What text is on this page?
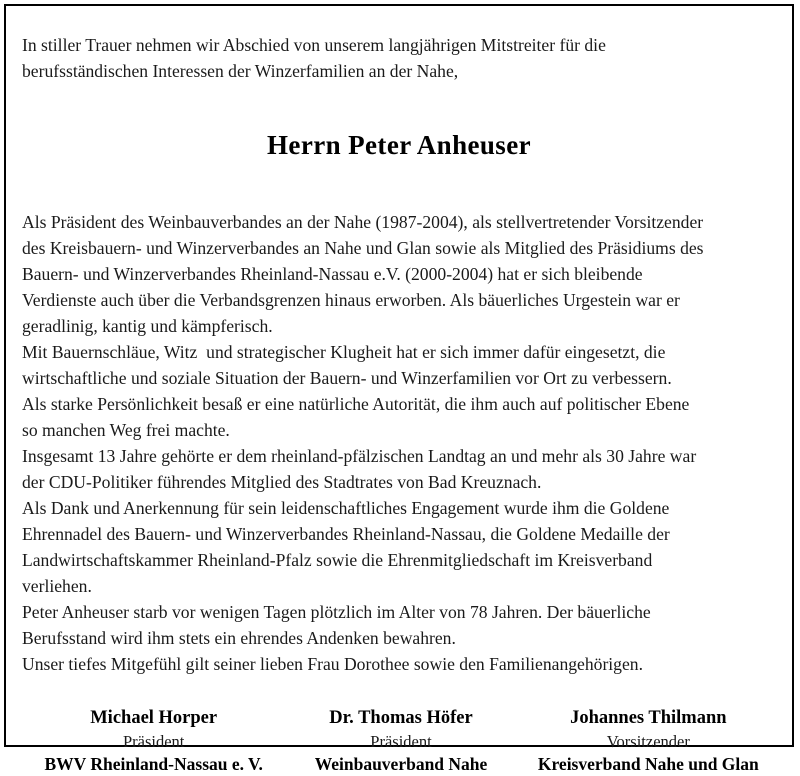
In stiller Trauer nehmen wir Abschied von unserem langjährigen Mitstreiter für die
berufsständischen Interessen der Winzerfamilien an der Nahe,
Herrn Peter Anheuser
Als Präsident des Weinbauverbandes an der Nahe (1987-2004), als stellvertretender Vorsitzender
des Kreisbauern- und Winzerverbandes an Nahe und Glan sowie als Mitglied des Präsidiums des
Bauern- und Winzerverbandes Rheinland-Nassau e.V. (2000-2004) hat er sich bleibende
Verdienste auch über die Verbandsgrenzen hinaus erworben. Als bäuerliches Urgestein war er
geradlinig, kantig und kämpferisch.
Mit Bauernschläue, Witz  und strategischer Klugheit hat er sich immer dafür eingesetzt, die
wirtschaftliche und soziale Situation der Bauern- und Winzerfamilien vor Ort zu verbessern.
Als starke Persönlichkeit besaß er eine natürliche Autorität, die ihm auch auf politischer Ebene
so manchen Weg frei machte.
Insgesamt 13 Jahre gehörte er dem rheinland-pfälzischen Landtag an und mehr als 30 Jahre war
der CDU-Politiker führendes Mitglied des Stadtrates von Bad Kreuznach.
Als Dank und Anerkennung für sein leidenschaftliches Engagement wurde ihm die Goldene
Ehrennadel des Bauern- und Winzerverbandes Rheinland-Nassau, die Goldene Medaille der
Landwirtschaftskammer Rheinland-Pfalz sowie die Ehrenmitgliedschaft im Kreisverband
verliehen.
Peter Anheuser starb vor wenigen Tagen plötzlich im Alter von 78 Jahren. Der bäuerliche
Berufsstand wird ihm stets ein ehrendes Andenken bewahren.
Unser tiefes Mitgefühl gilt seiner lieben Frau Dorothee sowie den Familienangehörigen.
Michael Horper
Präsident
BWV Rheinland-Nassau e. V.
Dr. Thomas Höfer
Präsident
Weinbauverband Nahe
Johannes Thilmann
Vorsitzender
Kreisverband Nahe und Glan
